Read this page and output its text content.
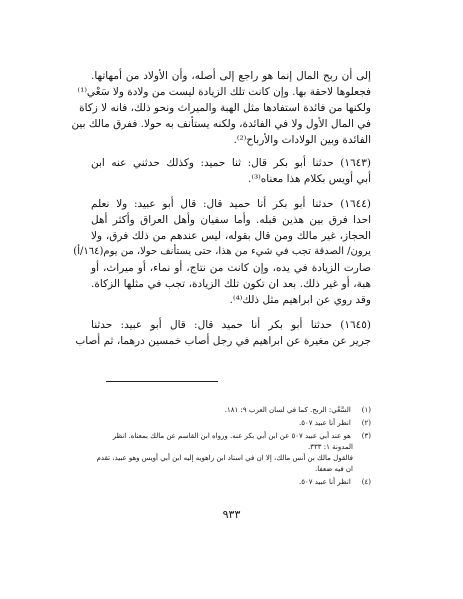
إلى أن ربح المال إنما هو راجع إلى أصله، وأن الأولاد من أمهاتها.
فجعلوها لاحقة بها. وإن كانت تلك الزيادة ليست من ولادة ولا سَعْي⁽¹⁾
ولكنها من فائدة استفادها مثل الهبة والميراث ونحو ذلك، فانه لا زكاة
في المال الأول ولا في الفائدة، ولكنه يستأنف به حولا. ففرق مالك بين
الفائدة وبين الولادات والأرباح⁽²⁾.
(١٦٤٣) حدثنا أبو بكر قال: ثنا حميد: وكذلك حدثني عنه ابن
أبي أويس بكلام هذا معناه⁽³⁾.
(١٦٤٤) حدثنا أبو بكر أنا حميد قال: قال أبو عبيد: ولا نعلم
احدا فرق بين هذين قبله. وأما سفيان وأهل العراق وأكثر أهل
الحجاز، غير مالك ومن قال بقوله، ليس عندهم من ذلك فرق، ولا
يرون/ الصدقة تجب في شيء من هذا، حتى يستأنف حولا، من يوم(١٦٤/أ)
صارت الزيادة في يده، وإن كانت من نتاج، أو نماء، أو ميراث، أو
هبة، أو غير ذلك. بعد ان تكون تلك الزيادة، تجب في مثلها الزكاة.
وقد روي عن ابراهيم مثل ذلك⁽⁴⁾.
(١٦٤٥) حدثنا أبو بكر أنا حميد قال: قال أبو عبيد: حدثنا
جرير عن مغيرة عن ابراهيم في رجل أصاب خمسين درهما، ثم أصاب
(١) السَّعْي: الربح. كما في لسان العرب ٩: ١٨١.
(٢) انظر أنا عبيد ٥٠٧.
(٣) هو عند أبي عبيد ٥٠٧ عن ابن أبي بكر عنه. ورواه ابن القاسم عن مالك بمعناه. انظر
المدونة ١: ٣٣٣.
فالقول مالك بن أنس مالك، إلا ان في اسناد ابن راهويه إليه ابن أبي أويس وهو عبيد، تقدم
ان فيه ضعفا.
(٤) انظر أنا عبيد ٥٠٧.
٩٣٣
